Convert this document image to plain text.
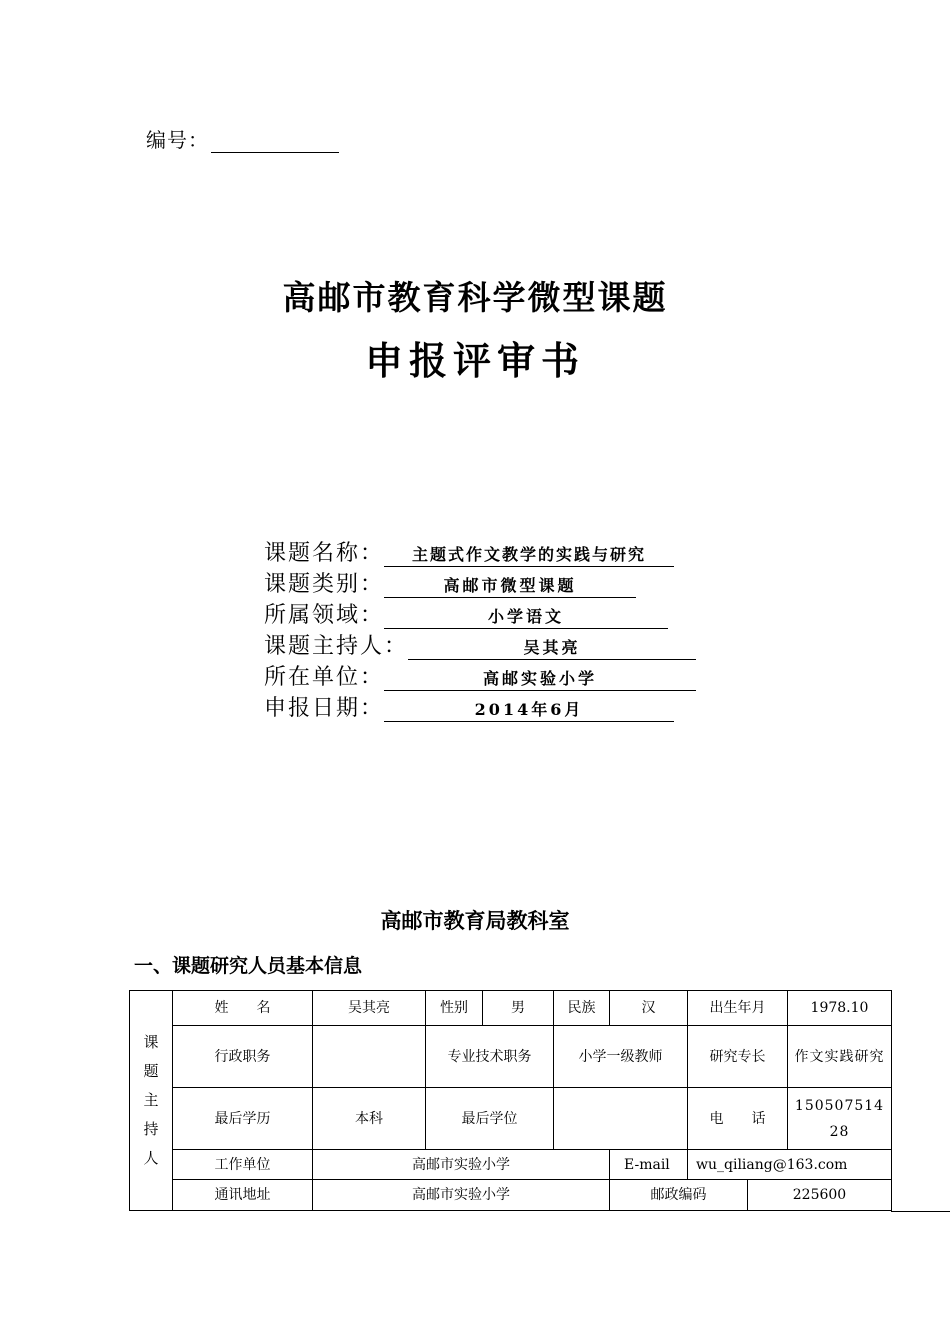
编号：
高邮市教育科学微型课题
申报评审书
课题名称： 主题式作文教学的实践与研究
课题类别：	高邮市微型课题
所属领域：	小学语文
课题主持人：	吴其亮
所在单位：	高邮实验小学
申报日期：	2014年6月
高邮市教育局教科室
一、课题研究人员基本信息
课
题
主
持
人	姓　　名	吴其亮	性别	男	民族	汉	出生年月		1978.10
	行政职务		专业技术职务		小学一级教师		研究专长		作文实践研究
	最后学历	本科	最后学位				电　　话		15050751428
	工作单位	高邮市实验小学				E-mail	wu_qiliang@163.com		
	通讯地址	高邮市实验小学				邮政编码		225600	
